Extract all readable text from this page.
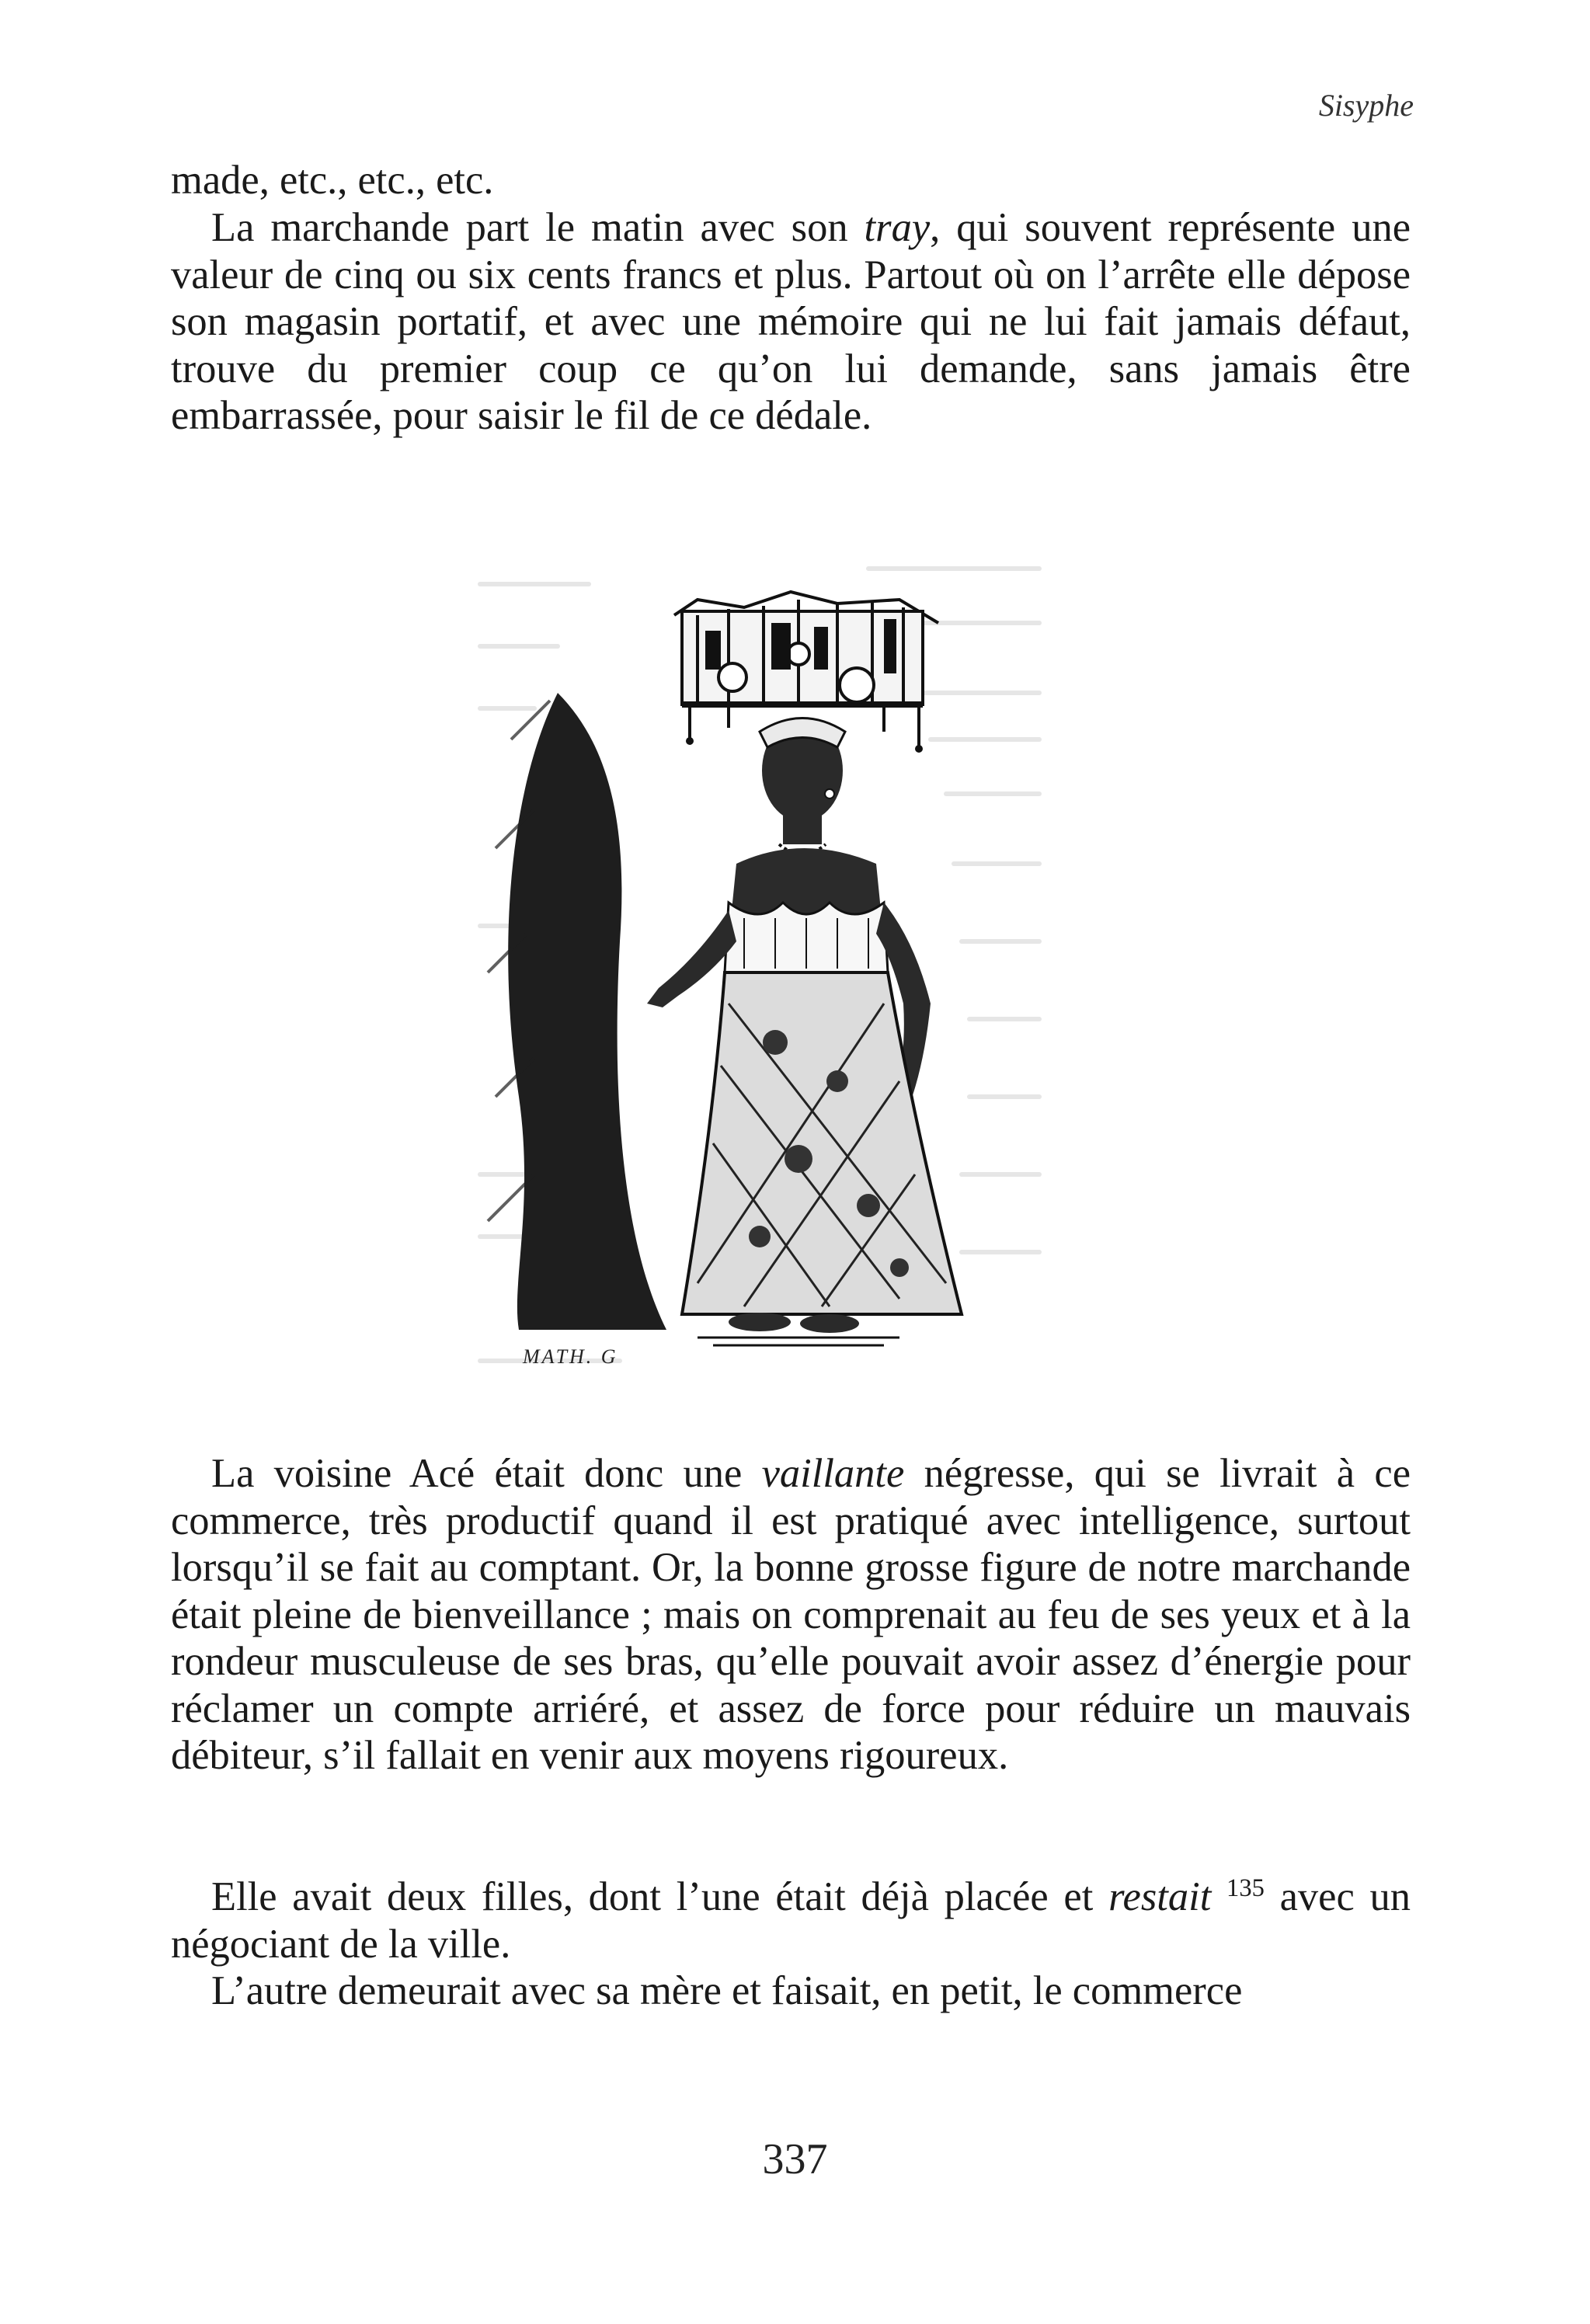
Sisyphe

made, etc., etc., etc.

La marchande part le matin avec son tray, qui souvent représente une valeur de cinq ou six cents francs et plus. Partout où on l’arrête elle dépose son magasin portatif, et avec une mémoire qui ne lui fait jamais défaut, trouve du premier coup ce qu’on lui demande, sans jamais être embarrassée, pour saisir le fil de ce dédale.

MATH. G

La voisine Acé était donc une vaillante négresse, qui se livrait à ce commerce, très productif quand il est pratiqué avec intelligence, surtout lorsqu’il se fait au comptant. Or, la bonne grosse figure de notre marchande était pleine de bienveillance ; mais on comprenait au feu de ses yeux et à la rondeur musculeuse de ses bras, qu’elle pouvait avoir assez d’énergie pour réclamer un compte arriéré, et assez de force pour réduire un mauvais débiteur, s’il fallait en venir aux moyens rigoureux.

Elle avait deux filles, dont l’une était déjà placée et restait $^{135}$ avec un négociant de la ville.

L’autre demeurait avec sa mère et faisait, en petit, le commerce

337
